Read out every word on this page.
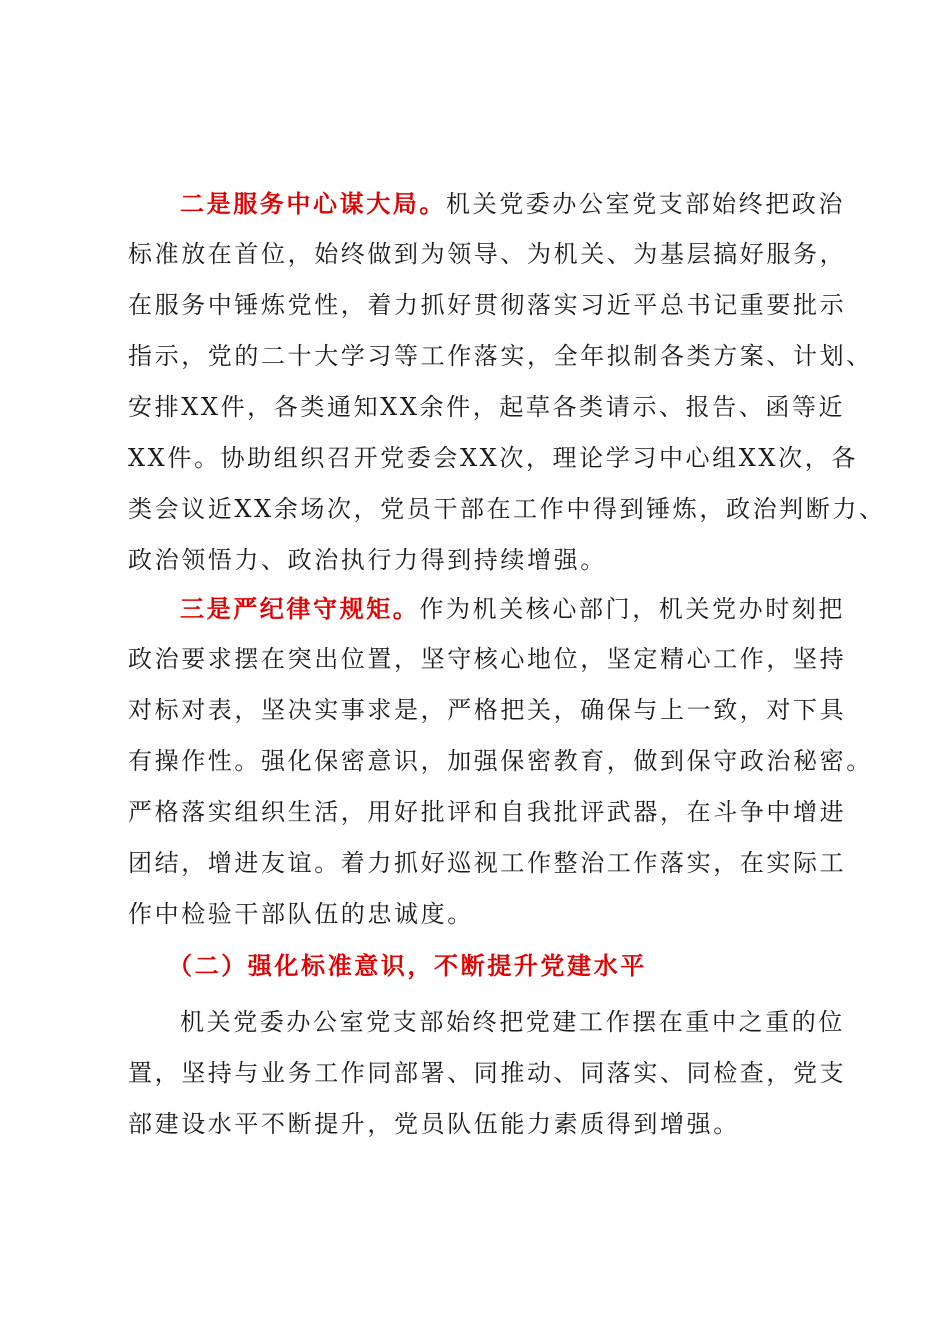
二是服务中心谋大局。机关党委办公室党支部始终把政治
标准放在首位，始终做到为领导、为机关、为基层搞好服务，
在服务中锤炼党性，着力抓好贯彻落实习近平总书记重要批示
指示，党的二十大学习等工作落实，全年拟制各类方案、计划、
安排XX件，各类通知XX余件，起草各类请示、报告、函等近
XX件。协助组织召开党委会XX次，理论学习中心组XX次，各
类会议近XX余场次，党员干部在工作中得到锤炼，政治判断力、
政治领悟力、政治执行力得到持续增强。
三是严纪律守规矩。作为机关核心部门，机关党办时刻把
政治要求摆在突出位置，坚守核心地位，坚定精心工作，坚持
对标对表，坚决实事求是，严格把关，确保与上一致，对下具
有操作性。强化保密意识，加强保密教育，做到保守政治秘密。
严格落实组织生活，用好批评和自我批评武器，在斗争中增进
团结，增进友谊。着力抓好巡视工作整治工作落实，在实际工
作中检验干部队伍的忠诚度。
（二）强化标准意识，不断提升党建水平
机关党委办公室党支部始终把党建工作摆在重中之重的位
置，坚持与业务工作同部署、同推动、同落实、同检查，党支
部建设水平不断提升，党员队伍能力素质得到增强。
